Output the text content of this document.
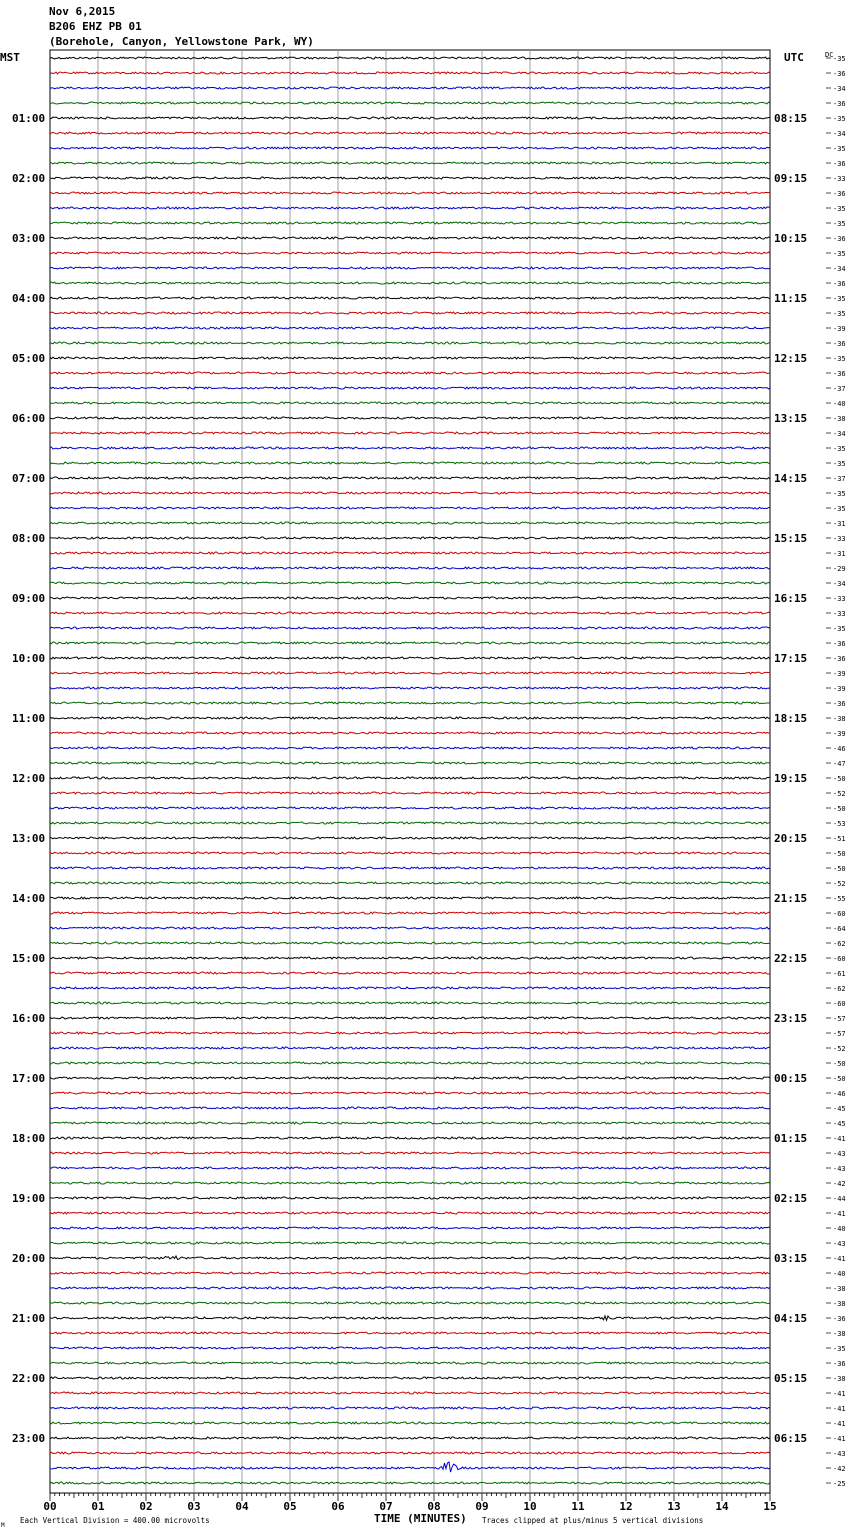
Nov 6,2015
B206 EHZ PB 01
(Borehole, Canyon, Yellowstone Park, WY)
-35
-36
-34
-36
-35
-34
-35
-36
-33
-36
-35
-35
-36
-35
-34
-36
-35
-35
-39
-36
-35
-36
-37
-40
-38
-34
-35
-35
-37
-35
-35
-31
-33
-31
-29
-34
-33
-33
-35
-36
-36
-39
-39
-36
-38
-39
-46
-47
-50
-52
-50
-53
-51
-50
-50
-52
-55
-60
-64
-62
-60
-61
-62
-60
-57
-57
-52
-50
-50
-46
-45
-45
-41
-43
-43
-42
-44
-41
-40
-43
-41
-40
-38
-38
-36
-38
-35
-36
-38
-41
-41
-41
-41
-43
-42
-25
01:00
02:00
03:00
04:00
05:00
06:00
07:00
08:00
09:00
10:00
11:00
12:00
13:00
14:00
15:00
16:00
17:00
18:00
19:00
20:00
21:00
22:00
23:00
08:15
09:15
10:15
11:15
12:15
13:15
14:15
15:15
16:15
17:15
18:15
19:15
20:15
21:15
22:15
23:15
00:15
01:15
02:15
03:15
04:15
05:15
06:15
00	01	02	03	04	05	06	07	08	09	10	11	12	13	14	15
MST	UTC	DC
TIME (MINUTES)
Each Vertical Division = 400.00 microvolts	Traces clipped at plus/minus 5 vertical divisions
M
